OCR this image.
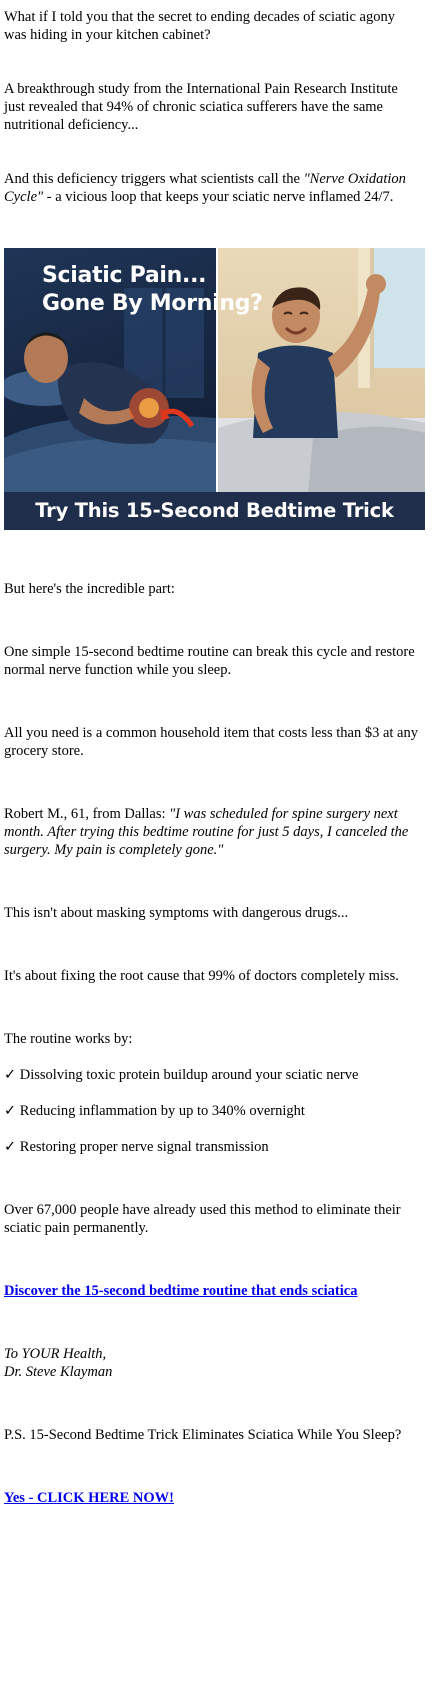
What if I told you that the secret to ending decades of sciatic agony was hiding in your kitchen cabinet?

A breakthrough study from the International Pain Research Institute just revealed that 94% of chronic sciatica sufferers have the same nutritional deficiency...

And this deficiency triggers what scientists call the "Nerve Oxidation Cycle" - a vicious loop that keeps your sciatic nerve inflamed 24/7.

Sciatic Pain...
Gone By Morning?
Try This 15-Second Bedtime Trick

But here's the incredible part:

One simple 15-second bedtime routine can break this cycle and restore normal nerve function while you sleep.

All you need is a common household item that costs less than $3 at any grocery store.

Robert M., 61, from Dallas: "I was scheduled for spine surgery next month. After trying this bedtime routine for just 5 days, I canceled the surgery. My pain is completely gone."

This isn't about masking symptoms with dangerous drugs...

It's about fixing the root cause that 99% of doctors completely miss.

The routine works by:

✓ Dissolving toxic protein buildup around your sciatic nerve

✓ Reducing inflammation by up to 340% overnight

✓ Restoring proper nerve signal transmission

Over 67,000 people have already used this method to eliminate their sciatic pain permanently.

Discover the 15-second bedtime routine that ends sciatica

To YOUR Health,
Dr. Steve Klayman

P.S. 15-Second Bedtime Trick Eliminates Sciatica While You Sleep?

Yes - CLICK HERE NOW!
